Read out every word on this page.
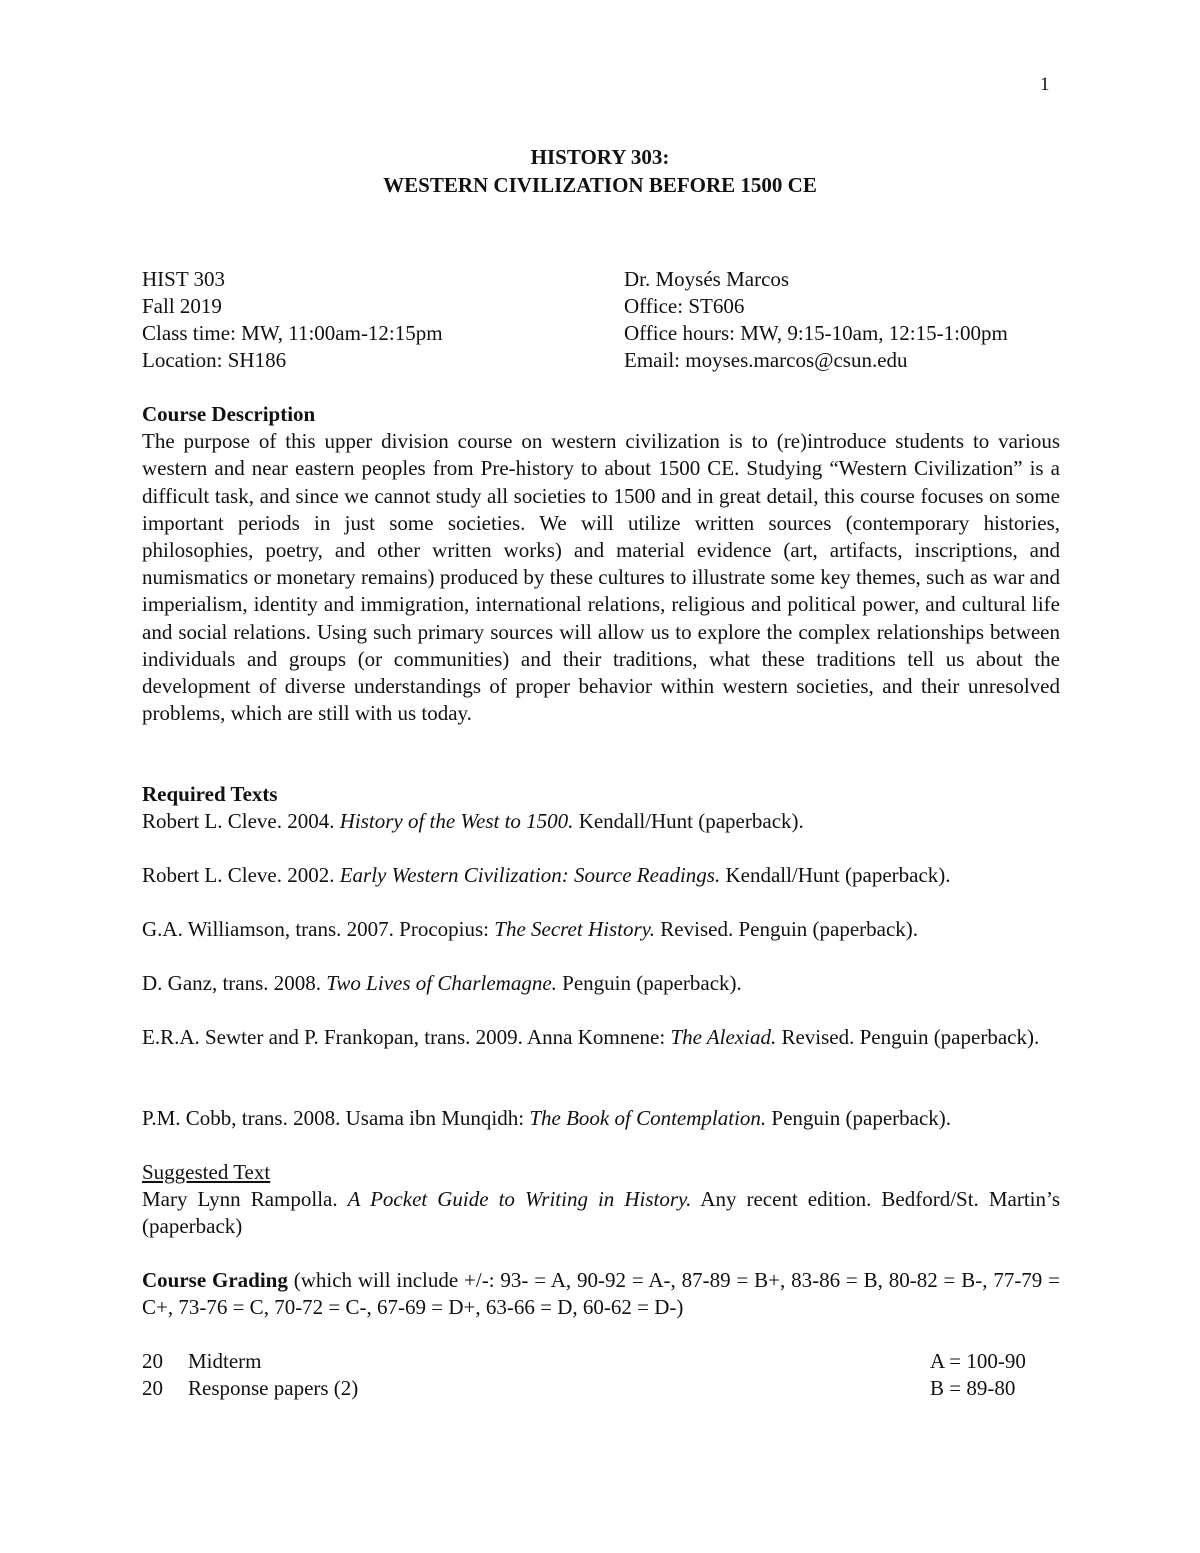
1
HISTORY 303:
WESTERN CIVILIZATION BEFORE 1500 CE
HIST 303
Fall 2019
Class time: MW, 11:00am-12:15pm
Location: SH186
Dr. Moysés Marcos
Office: ST606
Office hours: MW, 9:15-10am, 12:15-1:00pm
Email: moyses.marcos@csun.edu
Course Description

The purpose of this upper division course on western civilization is to (re)introduce students to various western and near eastern peoples from Pre-history to about 1500 CE. Studying “Western Civilization” is a difficult task, and since we cannot study all societies to 1500 and in great detail, this course focuses on some important periods in just some societies. We will utilize written sources (contemporary histories, philosophies, poetry, and other written works) and material evidence (art, artifacts, inscriptions, and numismatics or monetary remains) produced by these cultures to illustrate some key themes, such as war and imperialism, identity and immigration, international relations, religious and political power, and cultural life and social relations. Using such primary sources will allow us to explore the complex relationships between individuals and groups (or communities) and their traditions, what these traditions tell us about the development of diverse understandings of proper behavior within western societies, and their unresolved problems, which are still with us today.

Required Texts
Robert L. Cleve. 2004. History of the West to 1500. Kendall/Hunt (paperback).
Robert L. Cleve. 2002. Early Western Civilization: Source Readings. Kendall/Hunt (paperback).
G.A. Williamson, trans. 2007. Procopius: The Secret History. Revised. Penguin (paperback).
D. Ganz, trans. 2008. Two Lives of Charlemagne. Penguin (paperback).
E.R.A. Sewter and P. Frankopan, trans. 2009. Anna Komnene: The Alexiad. Revised. Penguin (paperback).
P.M. Cobb, trans. 2008. Usama ibn Munqidh: The Book of Contemplation. Penguin (paperback).
Suggested Text
Mary Lynn Rampolla. A Pocket Guide to Writing in History. Any recent edition. Bedford/St. Martin’s (paperback)
Course Grading (which will include +/-: 93- = A, 90-92 = A-, 87-89 = B+, 83-86 = B, 80-82 = B-, 77-79 = C+, 73-76 = C, 70-72 = C-, 67-69 = D+, 63-66 = D, 60-62 = D-)
20 Midterm	A = 100-90
20 Response papers (2)	B = 89-80
